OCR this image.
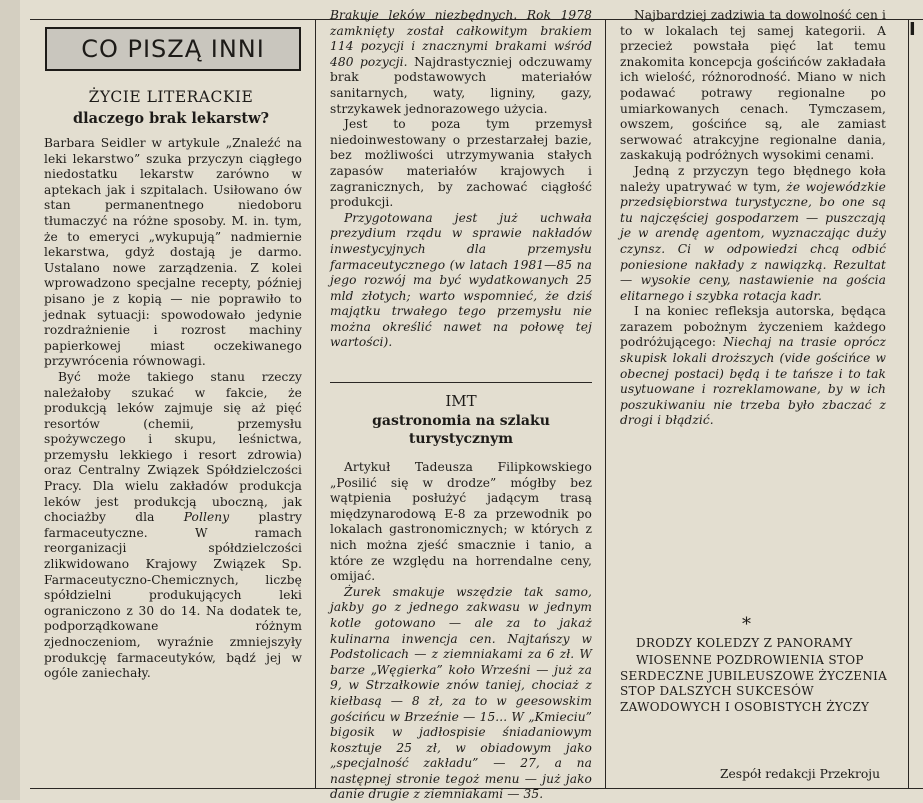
I
CO PISZĄ INNI
ŻYCIE LITERACKIE
dlaczego brak lekarstw?

Barbara Seidler w artykule „Znaleźć na leki lekarstwo” szuka przyczyn ciągłego niedostatku lekarstw zarówno w aptekach jak i szpitalach. Usiłowano ów stan permanentnego niedoboru tłumaczyć na różne sposoby. M. in. tym, że to emeryci „wykupują” nadmiernie lekarstwa, gdyż dostają je darmo. Ustalano nowe zarządzenia. Z kolei wprowadzono specjalne recepty, później pisano je z kopią — nie poprawiło to jednak sytuacji: spowodowało jedynie rozdrażnienie i rozrost machiny papierkowej miast oczekiwanego przywrócenia równowagi.

Być może takiego stanu rzeczy należałoby szukać w fakcie, że produkcją leków zajmuje się aż pięć resortów (chemii, przemysłu spożywczego i skupu, leśnictwa, przemysłu lekkiego i resort zdrowia) oraz Centralny Związek Spółdzielczości Pracy. Dla wielu zakładów produkcja leków jest produkcją uboczną, jak chociażby dla Polleny plastry farmaceutyczne. W ramach reorganizacji spółdzielczości zlikwidowano Krajowy Związek Sp. Farmaceutyczno-Chemicznych, liczbę spółdzielni produkujących leki ograniczono z 30 do 14. Na dodatek te, podporządkowane różnym zjednoczeniom, wyraźnie zmniejszyły produkcję farmaceutyków, bądź jej w ogóle zaniechały.

Brakuje leków niezbędnych. Rok 1978 zamknięty został całkowitym brakiem 114 pozycji i znacznymi brakami wśród 480 pozycji. Najdrastyczniej odczuwamy brak podstawowych materiałów sanitarnych, waty, ligniny, gazy, strzykawek jednorazowego użycia.

Jest to poza tym przemysł niedoinwestowany o przestarzałej bazie, bez możliwości utrzymywania stałych zapasów materiałów krajowych i zagranicznych, by zachować ciągłość produkcji.

Przygotowana jest już uchwała prezydium rządu w sprawie nakładów inwestycyjnych dla przemysłu farmaceutycznego (w latach 1981—85 na jego rozwój ma być wydatkowanych 25 mld złotych; warto wspomnieć, że dziś majątku trwałego tego przemysłu nie można określić nawet na połowę tej wartości).

IMT
gastronomia na szlaku turystycznym

Artykuł Tadeusza Filipkowskiego „Posilić się w drodze” mógłby bez wątpienia posłużyć jadącym trasą międzynarodową E-8 za przewodnik po lokalach gastronomicznych; w których z nich można zjeść smacznie i tanio, a które ze względu na horrendalne ceny, omijać.

Żurek smakuje wszędzie tak samo, jakby go z jednego zakwasu w jednym kotle gotowano — ale za to jakaż kulinarna inwencja cen. Najtańszy w Podstolicach — z ziemniakami za 6 zł. W barze „Węgierka” koło Wrześni — już za 9, w Strzałkowie znów taniej, chociaż z kiełbasą — 8 zł, za to w geesowskim gościńcu w Brzeźnie — 15... W „Kmieciu” bigosik w jadłospisie śniadaniowym kosztuje 25 zł, w obiadowym jako „specjalność zakładu” — 27, a na następnej stronie tegoż menu — już jako danie drugie z ziemniakami — 35.

Najbardziej zadziwia ta dowolność cen i to w lokalach tej samej kategorii. A przecież powstała pięć lat temu znakomita koncepcja gościńców zakładała ich wielość, różnorodność. Miano w nich podawać potrawy regionalne po umiarkowanych cenach. Tymczasem, owszem, gościńce są, ale zamiast serwować atrakcyjne regionalne dania, zaskakują podróżnych wysokimi cenami.

Jedną z przyczyn tego błędnego koła należy upatrywać w tym, że wojewódzkie przedsiębiorstwa turystyczne, bo one są tu najczęściej gospodarzem — puszczają je w arendę agentom, wyznaczając duży czynsz. Ci w odpowiedzi chcą odbić poniesione nakłady z nawiązką. Rezultat — wysokie ceny, nastawienie na gościa elitarnego i szybka rotacja kadr.

I na koniec refleksja autorska, będąca zarazem pobożnym życzeniem każdego podróżującego: Niechaj na trasie oprócz skupisk lokali droższych (vide gościńce w obecnej postaci) będą i te tańsze i to tak usytuowane i rozreklamowane, by w ich poszukiwaniu nie trzeba było zbaczać z drogi i błądzić.

*

DRODZY KOLEDZY Z PANORAMY

WIOSENNE POZDROWIENIA STOP SERDECZNE JUBILEUSZOWE ŻYCZENIA STOP DALSZYCH SUKCESÓW ZAWODOWYCH I OSOBISTYCH ŻYCZY

Zespół redakcji Przekroju
